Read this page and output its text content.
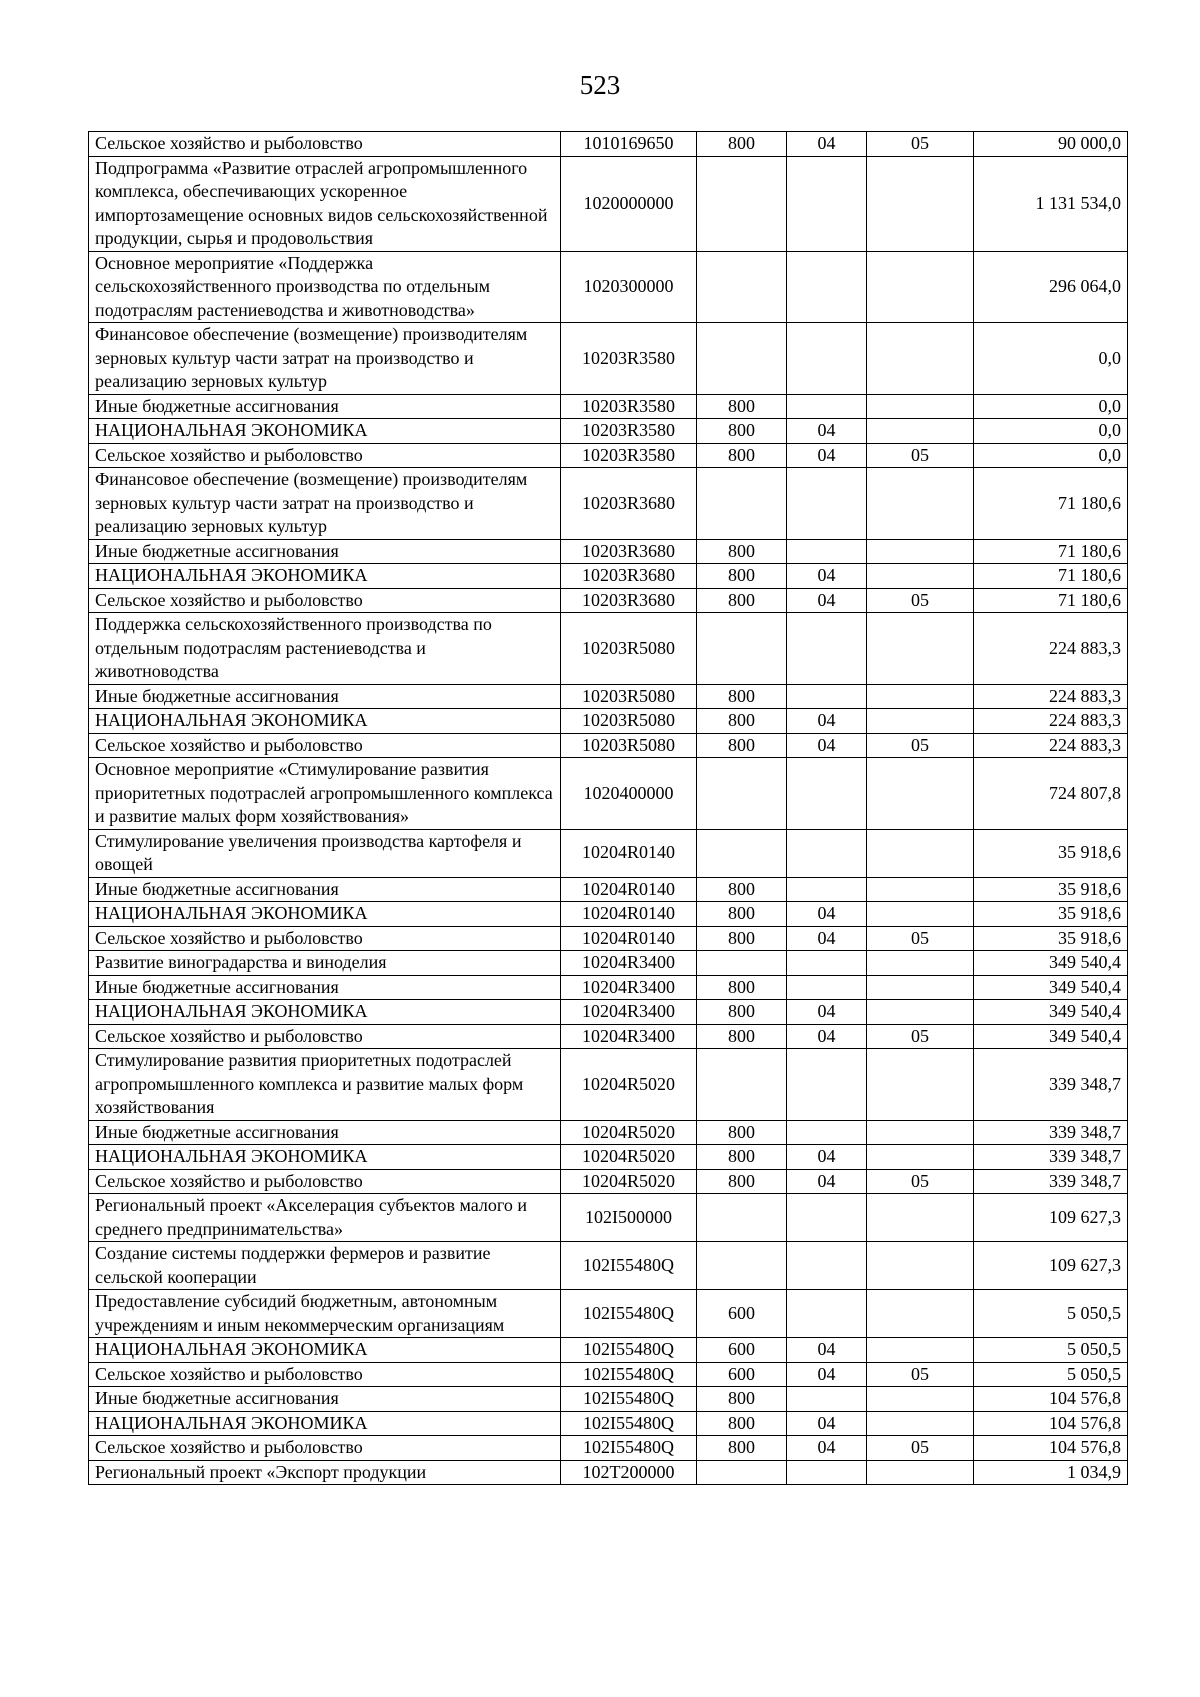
523
Сельское хозяйство и рыболовство	1010169650	800	04	05	90 000,0
Подпрограмма «Развитие отраслей агропромышленного комплекса, обеспечивающих ускоренное импортозамещение основных видов сельскохозяйственной продукции, сырья и продовольствия	1020000000				1 131 534,0
Основное мероприятие «Поддержка сельскохозяйственного производства по отдельным подотраслям растениеводства и животноводства»	1020300000				296 064,0
Финансовое обеспечение (возмещение) производителям зерновых культур части затрат на производство и реализацию зерновых культур	10203R3580				0,0
Иные бюджетные ассигнования	10203R3580	800			0,0
НАЦИОНАЛЬНАЯ ЭКОНОМИКА	10203R3580	800	04		0,0
Сельское хозяйство и рыболовство	10203R3580	800	04	05	0,0
Финансовое обеспечение (возмещение) производителям зерновых культур части затрат на производство и реализацию зерновых культур	10203R3680				71 180,6
Иные бюджетные ассигнования	10203R3680	800			71 180,6
НАЦИОНАЛЬНАЯ ЭКОНОМИКА	10203R3680	800	04		71 180,6
Сельское хозяйство и рыболовство	10203R3680	800	04	05	71 180,6
Поддержка сельскохозяйственного производства по отдельным подотраслям растениеводства и животноводства	10203R5080				224 883,3
Иные бюджетные ассигнования	10203R5080	800			224 883,3
НАЦИОНАЛЬНАЯ ЭКОНОМИКА	10203R5080	800	04		224 883,3
Сельское хозяйство и рыболовство	10203R5080	800	04	05	224 883,3
Основное мероприятие «Стимулирование развития приоритетных подотраслей агропромышленного комплекса и развитие малых форм хозяйствования»	1020400000				724 807,8
Стимулирование увеличения производства картофеля и овощей	10204R0140				35 918,6
Иные бюджетные ассигнования	10204R0140	800			35 918,6
НАЦИОНАЛЬНАЯ ЭКОНОМИКА	10204R0140	800	04		35 918,6
Сельское хозяйство и рыболовство	10204R0140	800	04	05	35 918,6
Развитие виноградарства и виноделия	10204R3400				349 540,4
Иные бюджетные ассигнования	10204R3400	800			349 540,4
НАЦИОНАЛЬНАЯ ЭКОНОМИКА	10204R3400	800	04		349 540,4
Сельское хозяйство и рыболовство	10204R3400	800	04	05	349 540,4
Стимулирование развития приоритетных подотраслей агропромышленного комплекса и развитие малых форм хозяйствования	10204R5020				339 348,7
Иные бюджетные ассигнования	10204R5020	800			339 348,7
НАЦИОНАЛЬНАЯ ЭКОНОМИКА	10204R5020	800	04		339 348,7
Сельское хозяйство и рыболовство	10204R5020	800	04	05	339 348,7
Региональный проект «Акселерация субъектов малого и среднего предпринимательства»	102I500000				109 627,3
Создание системы поддержки фермеров и развитие сельской кооперации	102I55480Q				109 627,3
Предоставление субсидий бюджетным, автономным учреждениям и иным некоммерческим организациям	102I55480Q	600			5 050,5
НАЦИОНАЛЬНАЯ ЭКОНОМИКА	102I55480Q	600	04		5 050,5
Сельское хозяйство и рыболовство	102I55480Q	600	04	05	5 050,5
Иные бюджетные ассигнования	102I55480Q	800			104 576,8
НАЦИОНАЛЬНАЯ ЭКОНОМИКА	102I55480Q	800	04		104 576,8
Сельское хозяйство и рыболовство	102I55480Q	800	04	05	104 576,8
Региональный проект «Экспорт продукции	102T200000				1 034,9
